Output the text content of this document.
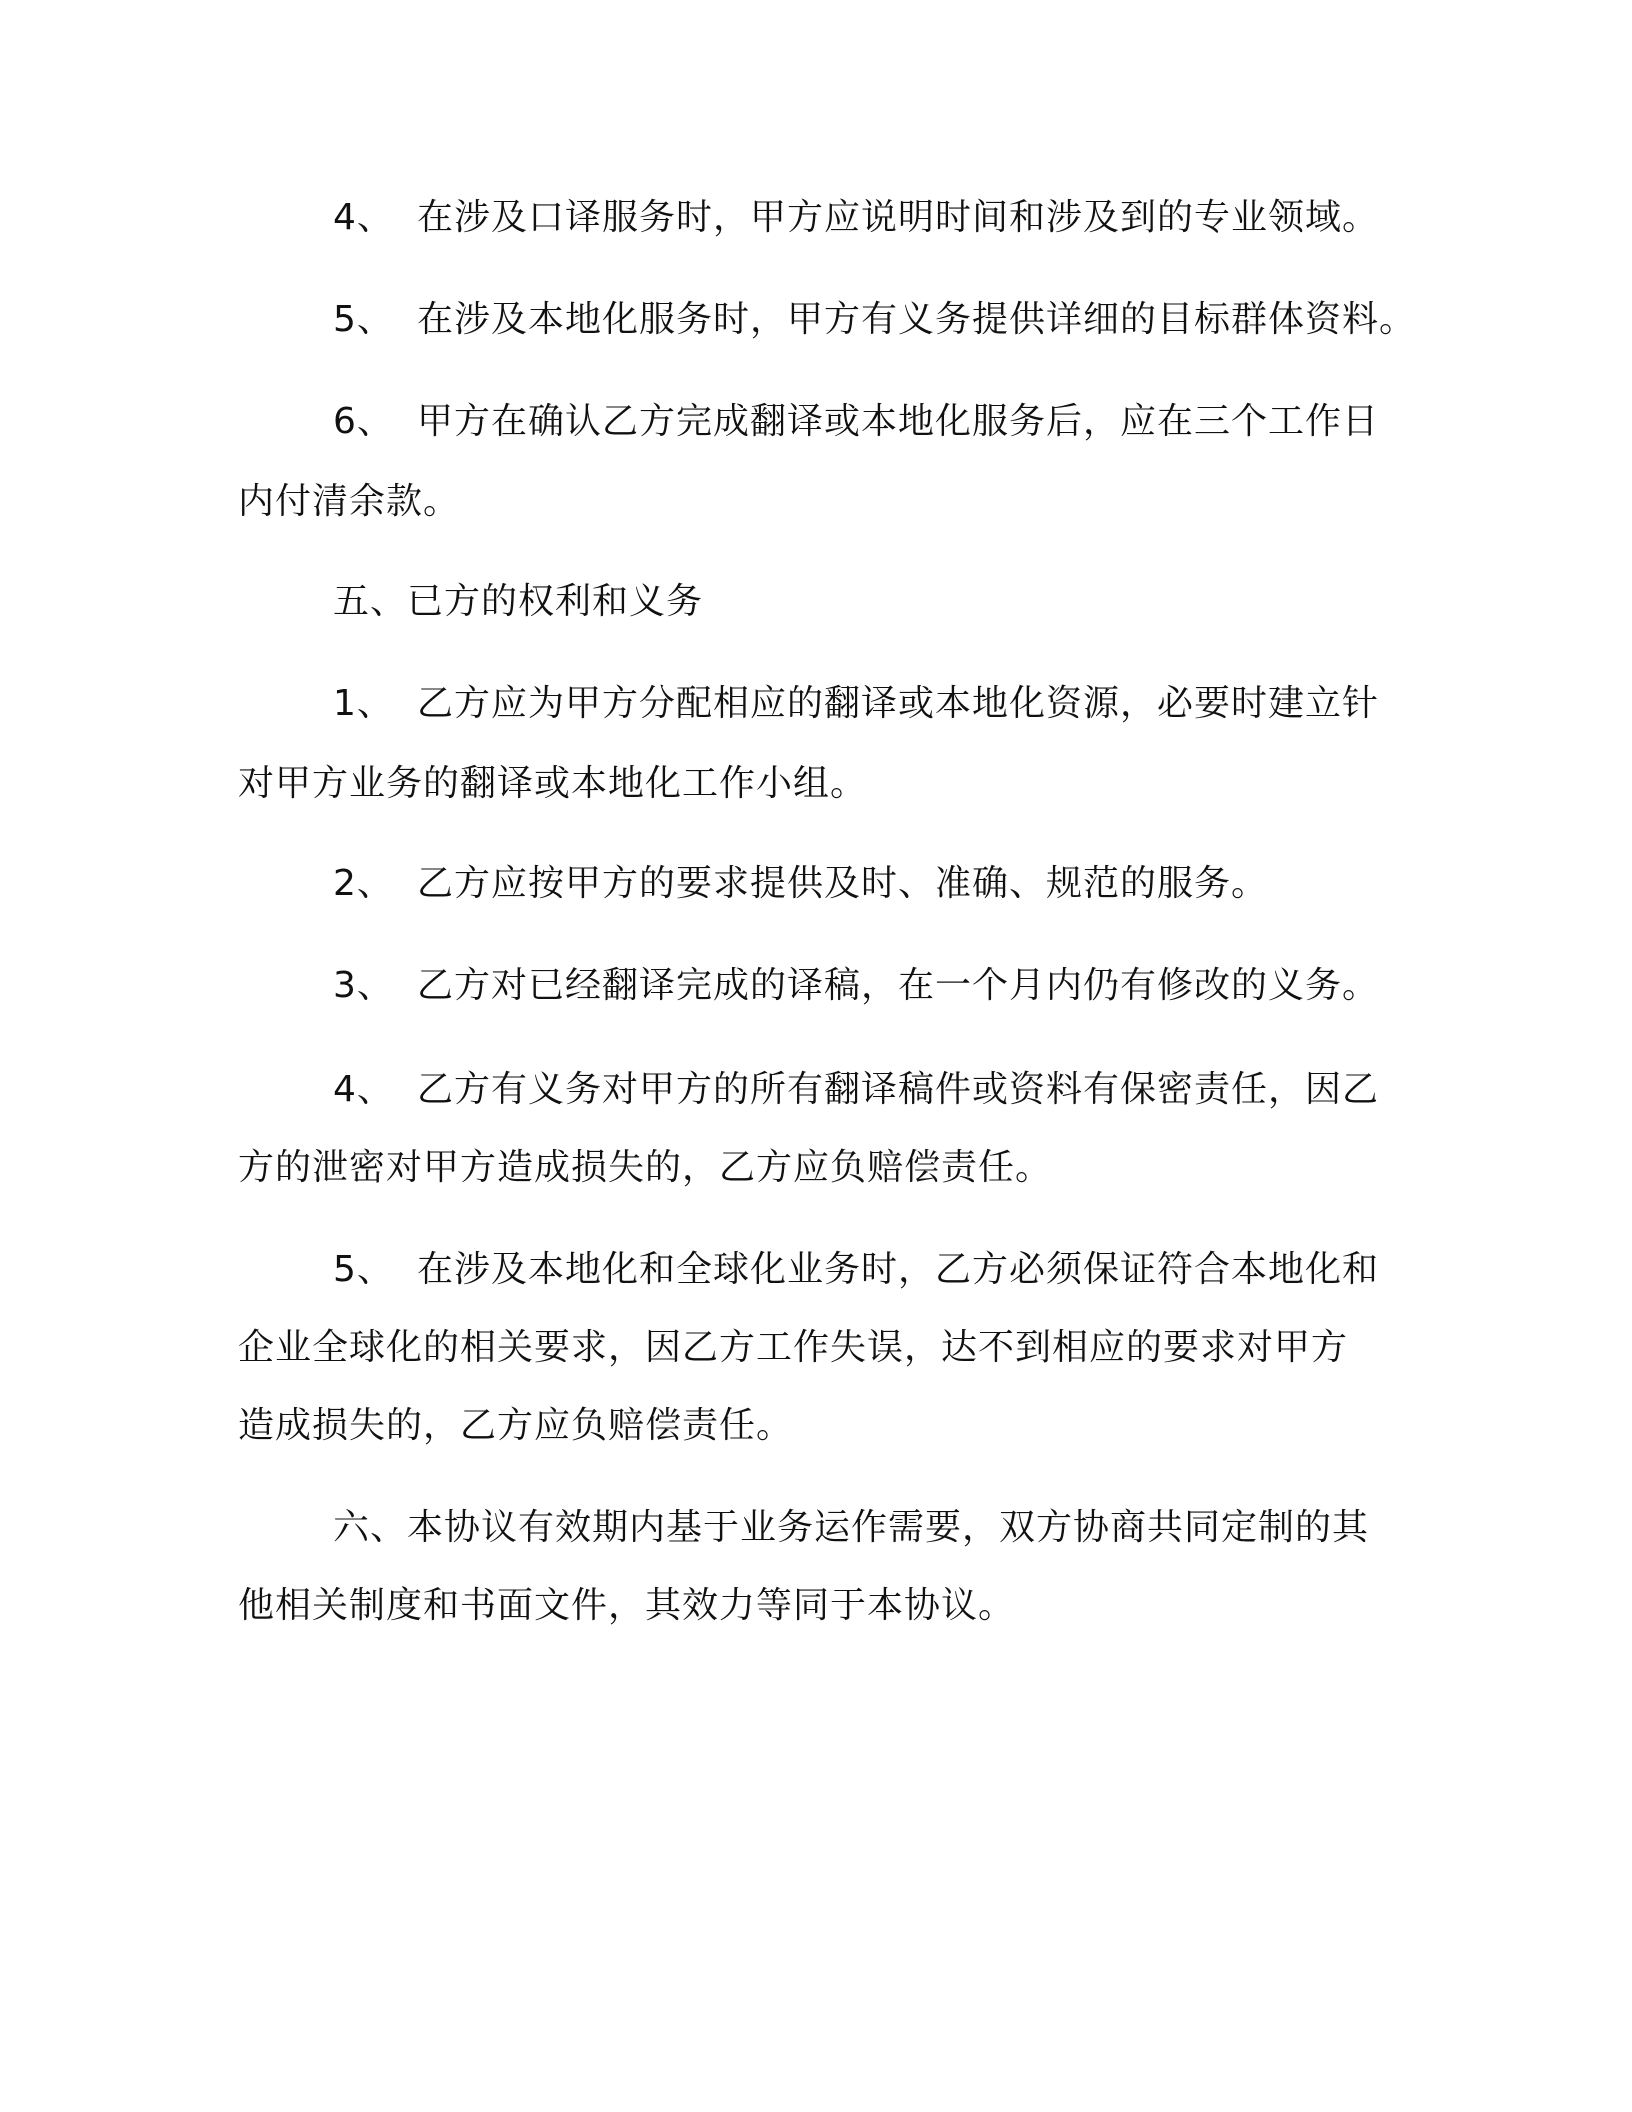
4、 在涉及口译服务时，甲方应说明时间和涉及到的专业领域。
5、 在涉及本地化服务时，甲方有义务提供详细的目标群体资料。
6、 甲方在确认乙方完成翻译或本地化服务后，应在三个工作日
内付清余款。
五、已方的权利和义务
1、 乙方应为甲方分配相应的翻译或本地化资源，必要时建立针
对甲方业务的翻译或本地化工作小组。
2、 乙方应按甲方的要求提供及时、准确、规范的服务。
3、 乙方对已经翻译完成的译稿，在一个月内仍有修改的义务。
4、 乙方有义务对甲方的所有翻译稿件或资料有保密责任，因乙
方的泄密对甲方造成损失的，乙方应负赔偿责任。
5、 在涉及本地化和全球化业务时，乙方必须保证符合本地化和
企业全球化的相关要求，因乙方工作失误，达不到相应的要求对甲方
造成损失的，乙方应负赔偿责任。
六、本协议有效期内基于业务运作需要，双方协商共同定制的其
他相关制度和书面文件，其效力等同于本协议。
